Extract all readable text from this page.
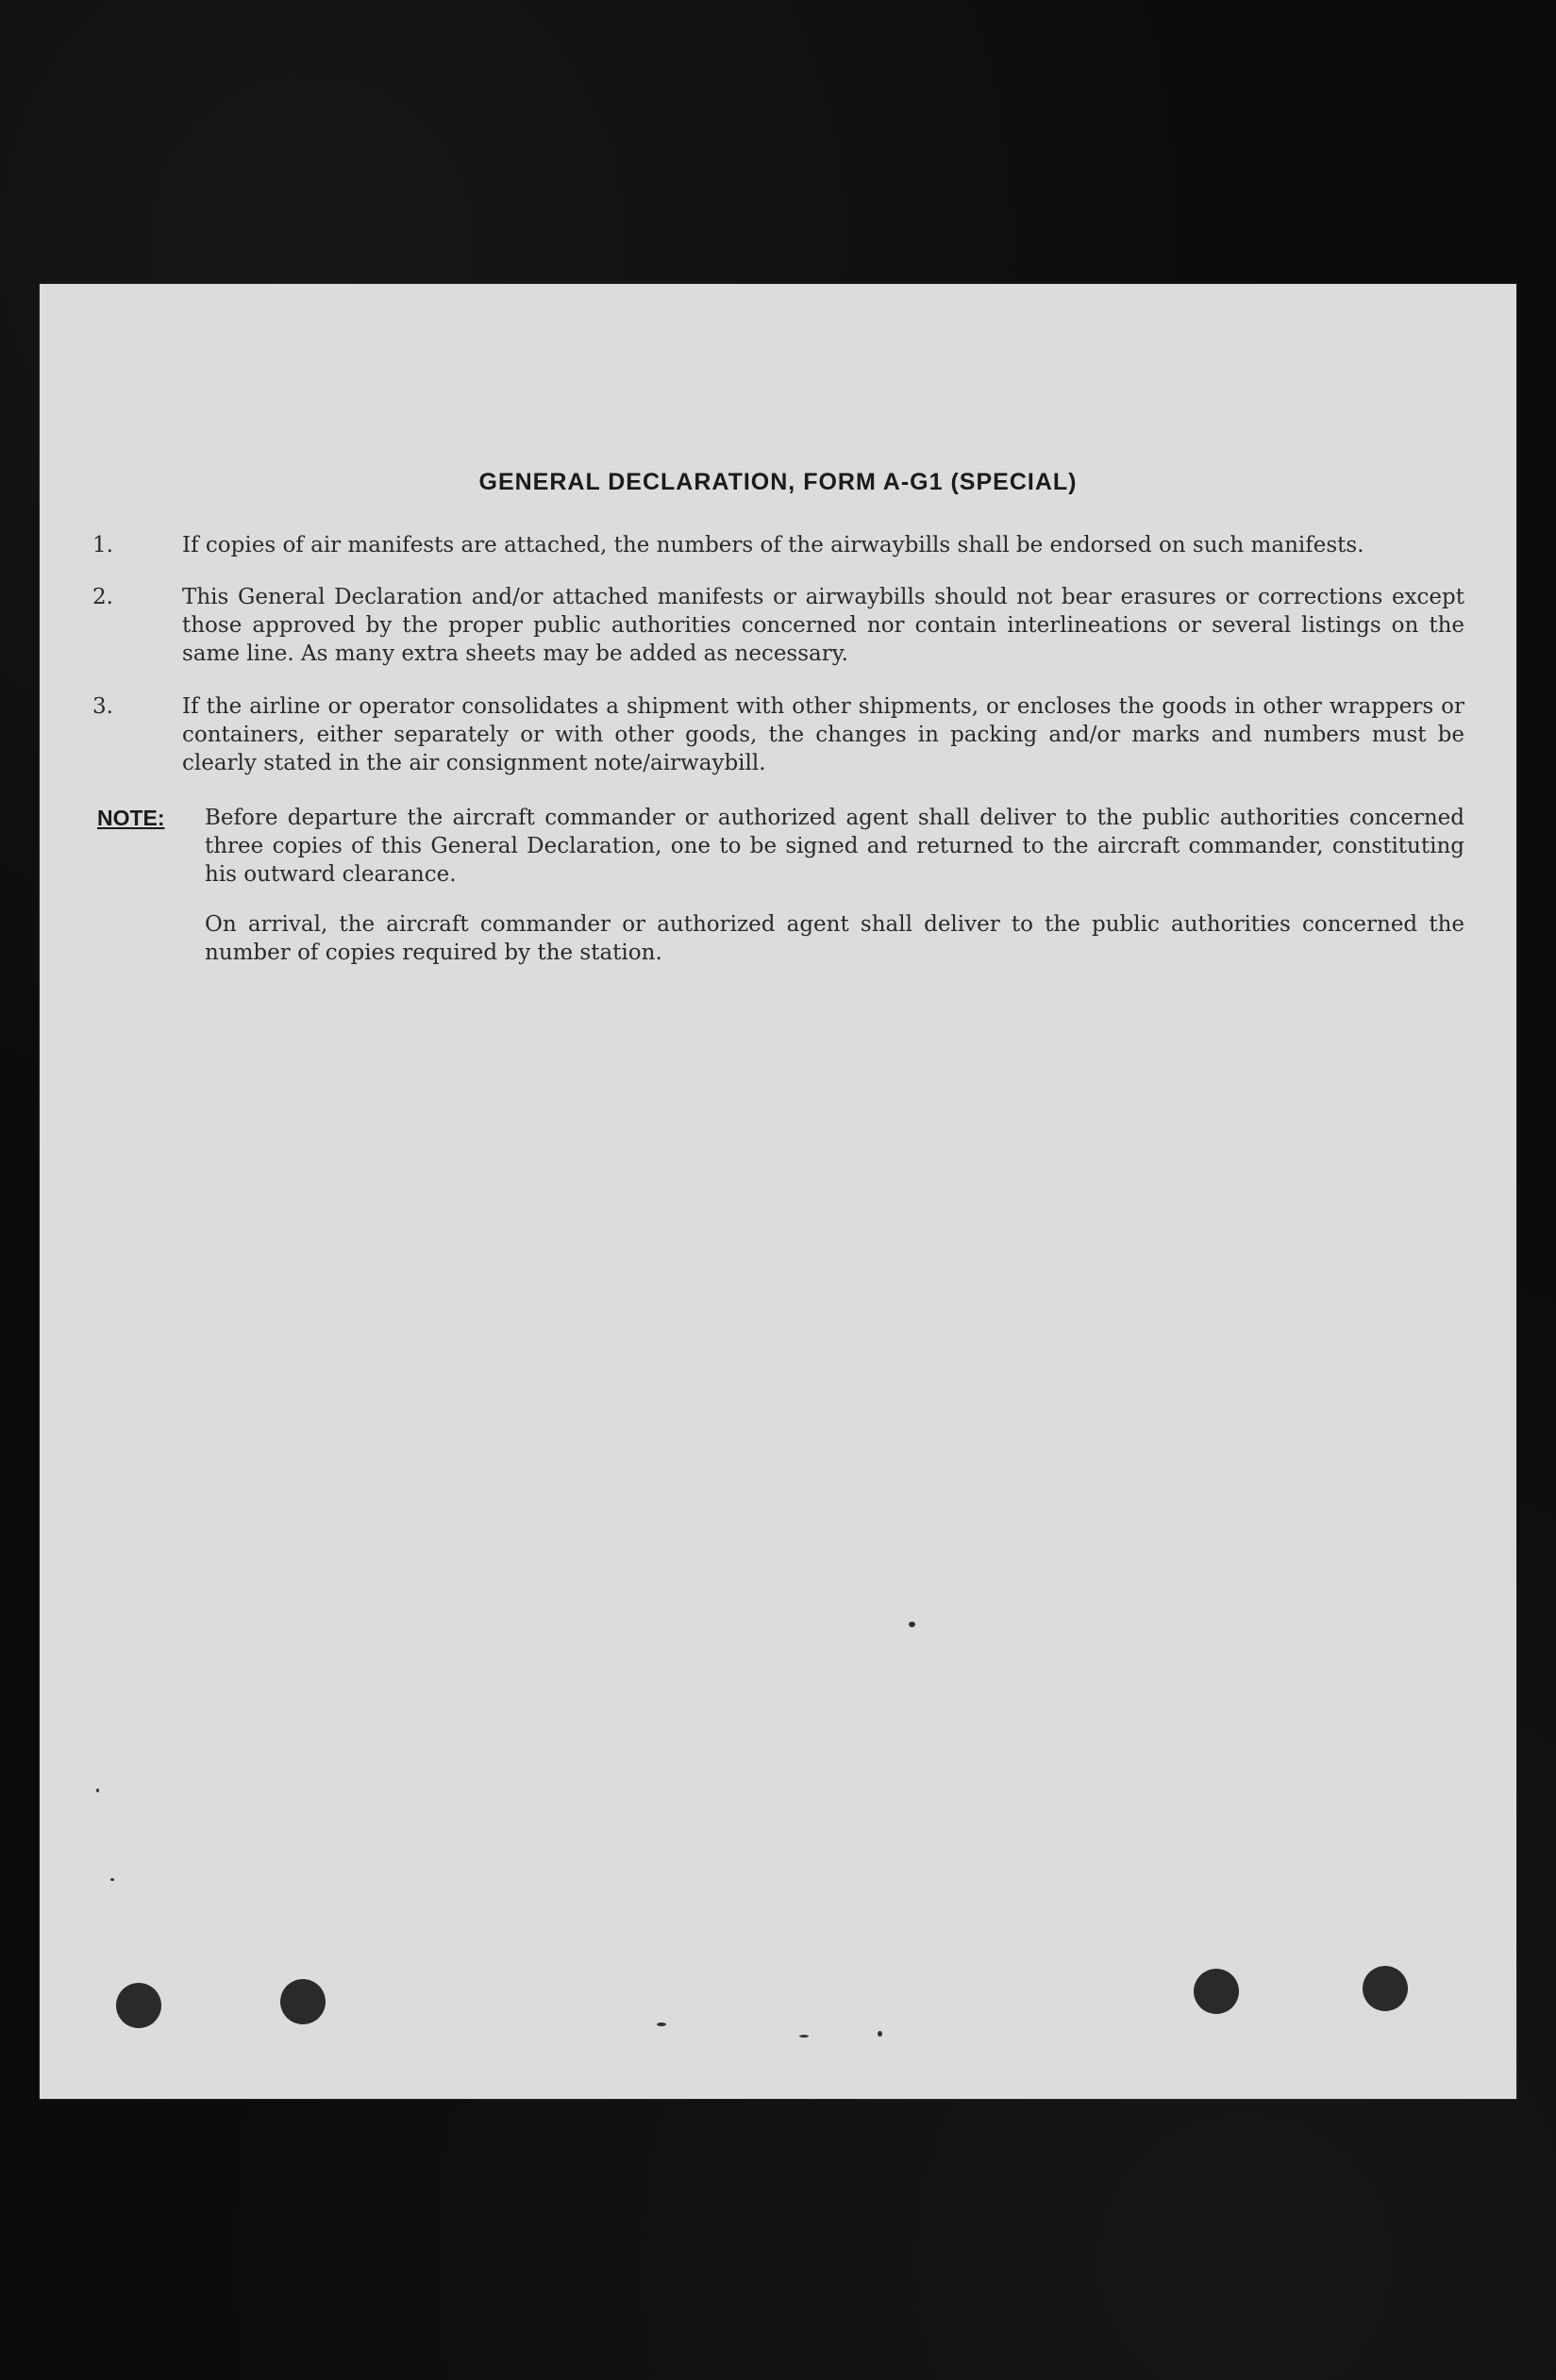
GENERAL DECLARATION, FORM A-G1 (SPECIAL)
1.	If copies of air manifests are attached, the numbers of the airwaybills shall be endorsed on such manifests.
2.	This General Declaration and/or attached manifests or airwaybills should not bear erasures or corrections except those approved by the proper public authorities concerned nor contain interlineations or several listings on the same line. As many extra sheets may be added as necessary.
3.	If the airline or operator consolidates a shipment with other shipments, or encloses the goods in other wrappers or containers, either separately or with other goods, the changes in packing and/or marks and numbers must be clearly stated in the air consignment note/airwaybill.
NOTE: Before departure the aircraft commander or authorized agent shall deliver to the public authorities concerned three copies of this General Declaration, one to be signed and returned to the aircraft commander, constituting his outward clearance.
On arrival, the aircraft commander or authorized agent shall deliver to the public authorities concerned the number of copies required by the station.
